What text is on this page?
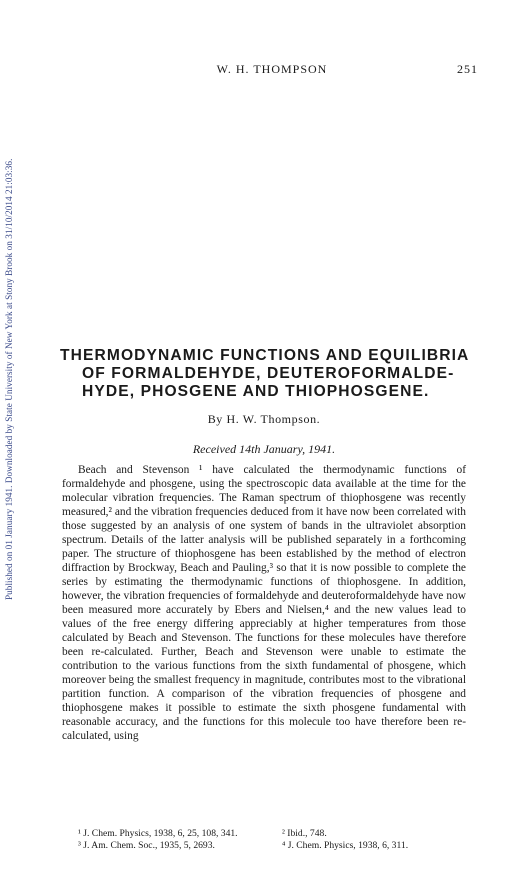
Published on 01 January 1941. Downloaded by State University of New York at Stony Brook on 31/10/2014 21:03:36.
W. H. THOMPSON	251
THERMODYNAMIC FUNCTIONS AND EQUILIBRIA
OF FORMALDEHYDE, DEUTEROFORMALDE-
HYDE, PHOSGENE AND THIOPHOSGENE.
By H. W. Thompson.
Received 14th January, 1941.

Beach and Stevenson ¹ have calculated the thermodynamic functions of formaldehyde and phosgene, using the spectroscopic data available at the time for the molecular vibration frequencies. The Raman spectrum of thiophosgene was recently measured,² and the vibration frequencies deduced from it have now been correlated with those suggested by an analysis of one system of bands in the ultraviolet absorption spectrum. Details of the latter analysis will be published separately in a forthcoming paper. The structure of thiophosgene has been established by the method of electron diffraction by Brockway, Beach and Pauling,³ so that it is now possible to complete the series by estimating the thermodynamic functions of thiophosgene. In addition, however, the vibration frequencies of formaldehyde and deuteroformaldehyde have now been measured more accurately by Ebers and Nielsen,⁴ and the new values lead to values of the free energy differing appreciably at higher temperatures from those calculated by Beach and Stevenson. The functions for these molecules have therefore been re-calculated. Further, Beach and Stevenson were unable to estimate the contribution to the various functions from the sixth fundamental of phosgene, which moreover being the smallest frequency in magnitude, contributes most to the vibrational partition function. A comparison of the vibration frequencies of phosgene and thiophosgene makes it possible to estimate the sixth phosgene fundamental with reasonable accuracy, and the functions for this molecule too have therefore been re-calculated, using

¹ J. Chem. Physics, 1938, 6, 25, 108, 341.	² Ibid., 748.
³ J. Am. Chem. Soc., 1935, 5, 2693.	⁴ J. Chem. Physics, 1938, 6, 311.
